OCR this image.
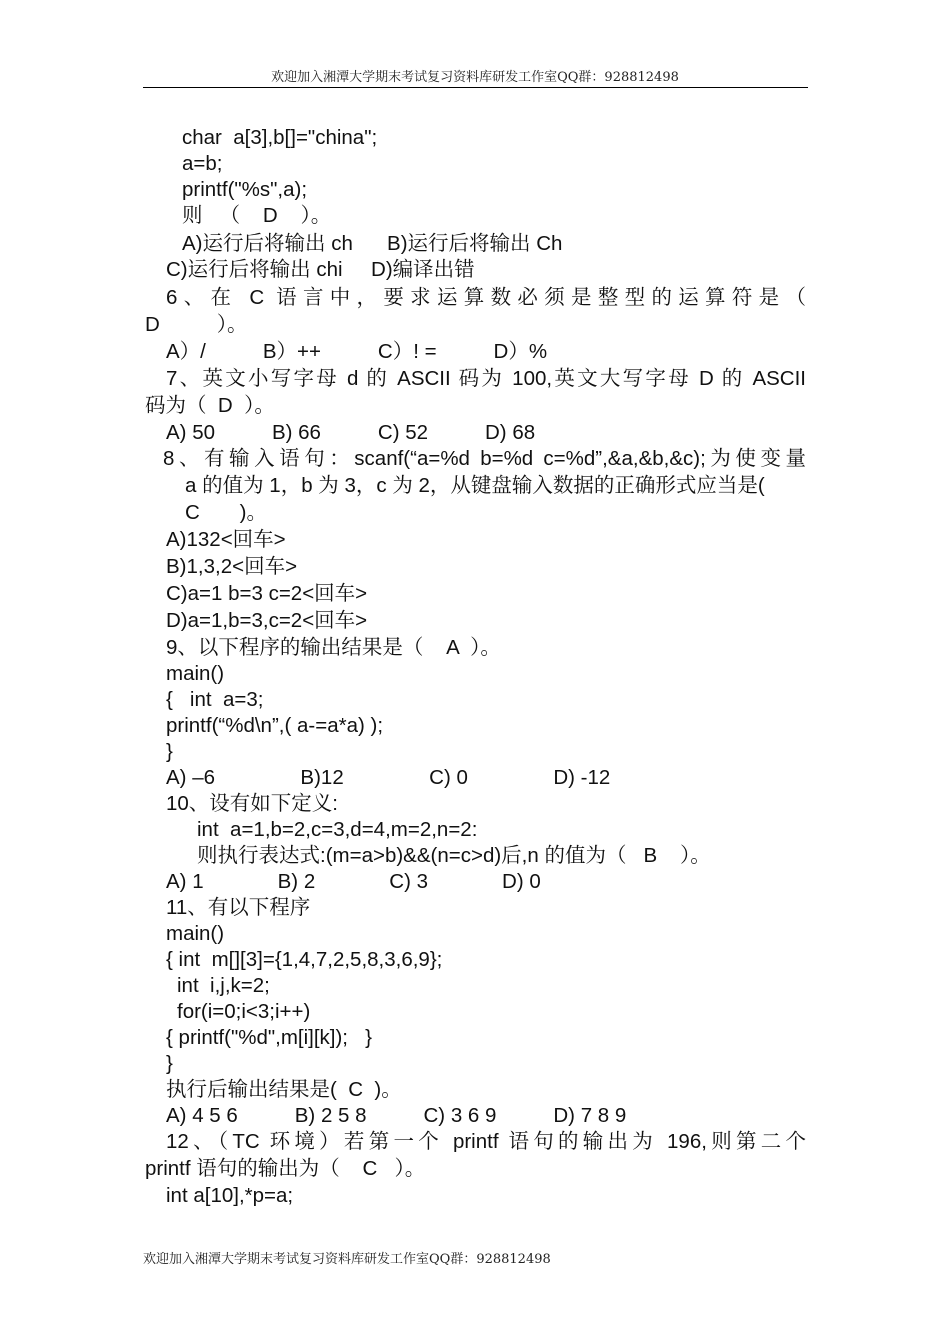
欢迎加入湘潭大学期末考试复习资料库研发工作室QQ群：928812498
char  a[3],b[]="china";
a=b;
printf("%s",a);
则   （    D    ）。
A)运行后将输出 ch      B)运行后将输出 Ch
C)运行后将输出 chi     D)编译出错
6、在 C 语言中，要求运算数必须是整型的运算符是（
D          ）。
A）/          B）++          C）! =          D）%
7、英文小写字母 d 的 ASCII 码为 100,英文大写字母 D 的 ASCII
码为（  D  ）。
A) 50          B) 66          C) 52          D) 68
8、有输入语句：scanf(“a=%d b=%d c=%d”,&a,&b,&c);为使变量
a 的值为 1，b 为 3，c 为 2，从键盘输入数据的正确形式应当是(
C       )。
A)132<回车>
B)1,3,2<回车>
C)a=1 b=3 c=2<回车>
D)a=1,b=3,c=2<回车>
9、以下程序的输出结果是（    A  ）。
main()
{   int  a=3;
printf(“%d\n”,( a-=a*a) );
}
A) –6               B)12               C) 0               D) -12
10、设有如下定义:
int  a=1,b=2,c=3,d=4,m=2,n=2:
则执行表达式:(m=a>b)&&(n=c>d)后,n 的值为（   B    ）。
A) 1             B) 2             C) 3             D) 0
11、有以下程序
main()
{ int  m[][3]={1,4,7,2,5,8,3,6,9};
int  i,j,k=2;
for(i=0;i<3;i++)
{ printf("%d",m[i][k]);   }
}
执行后输出结果是(  C  )。
A) 4 5 6          B) 2 5 8          C) 3 6 9          D) 7 8 9
12、（TC 环境）若第一个 printf 语句的输出为 196,则第二个
printf 语句的输出为（    C   ）。
int a[10],*p=a;
欢迎加入湘潭大学期末考试复习资料库研发工作室QQ群：928812498
